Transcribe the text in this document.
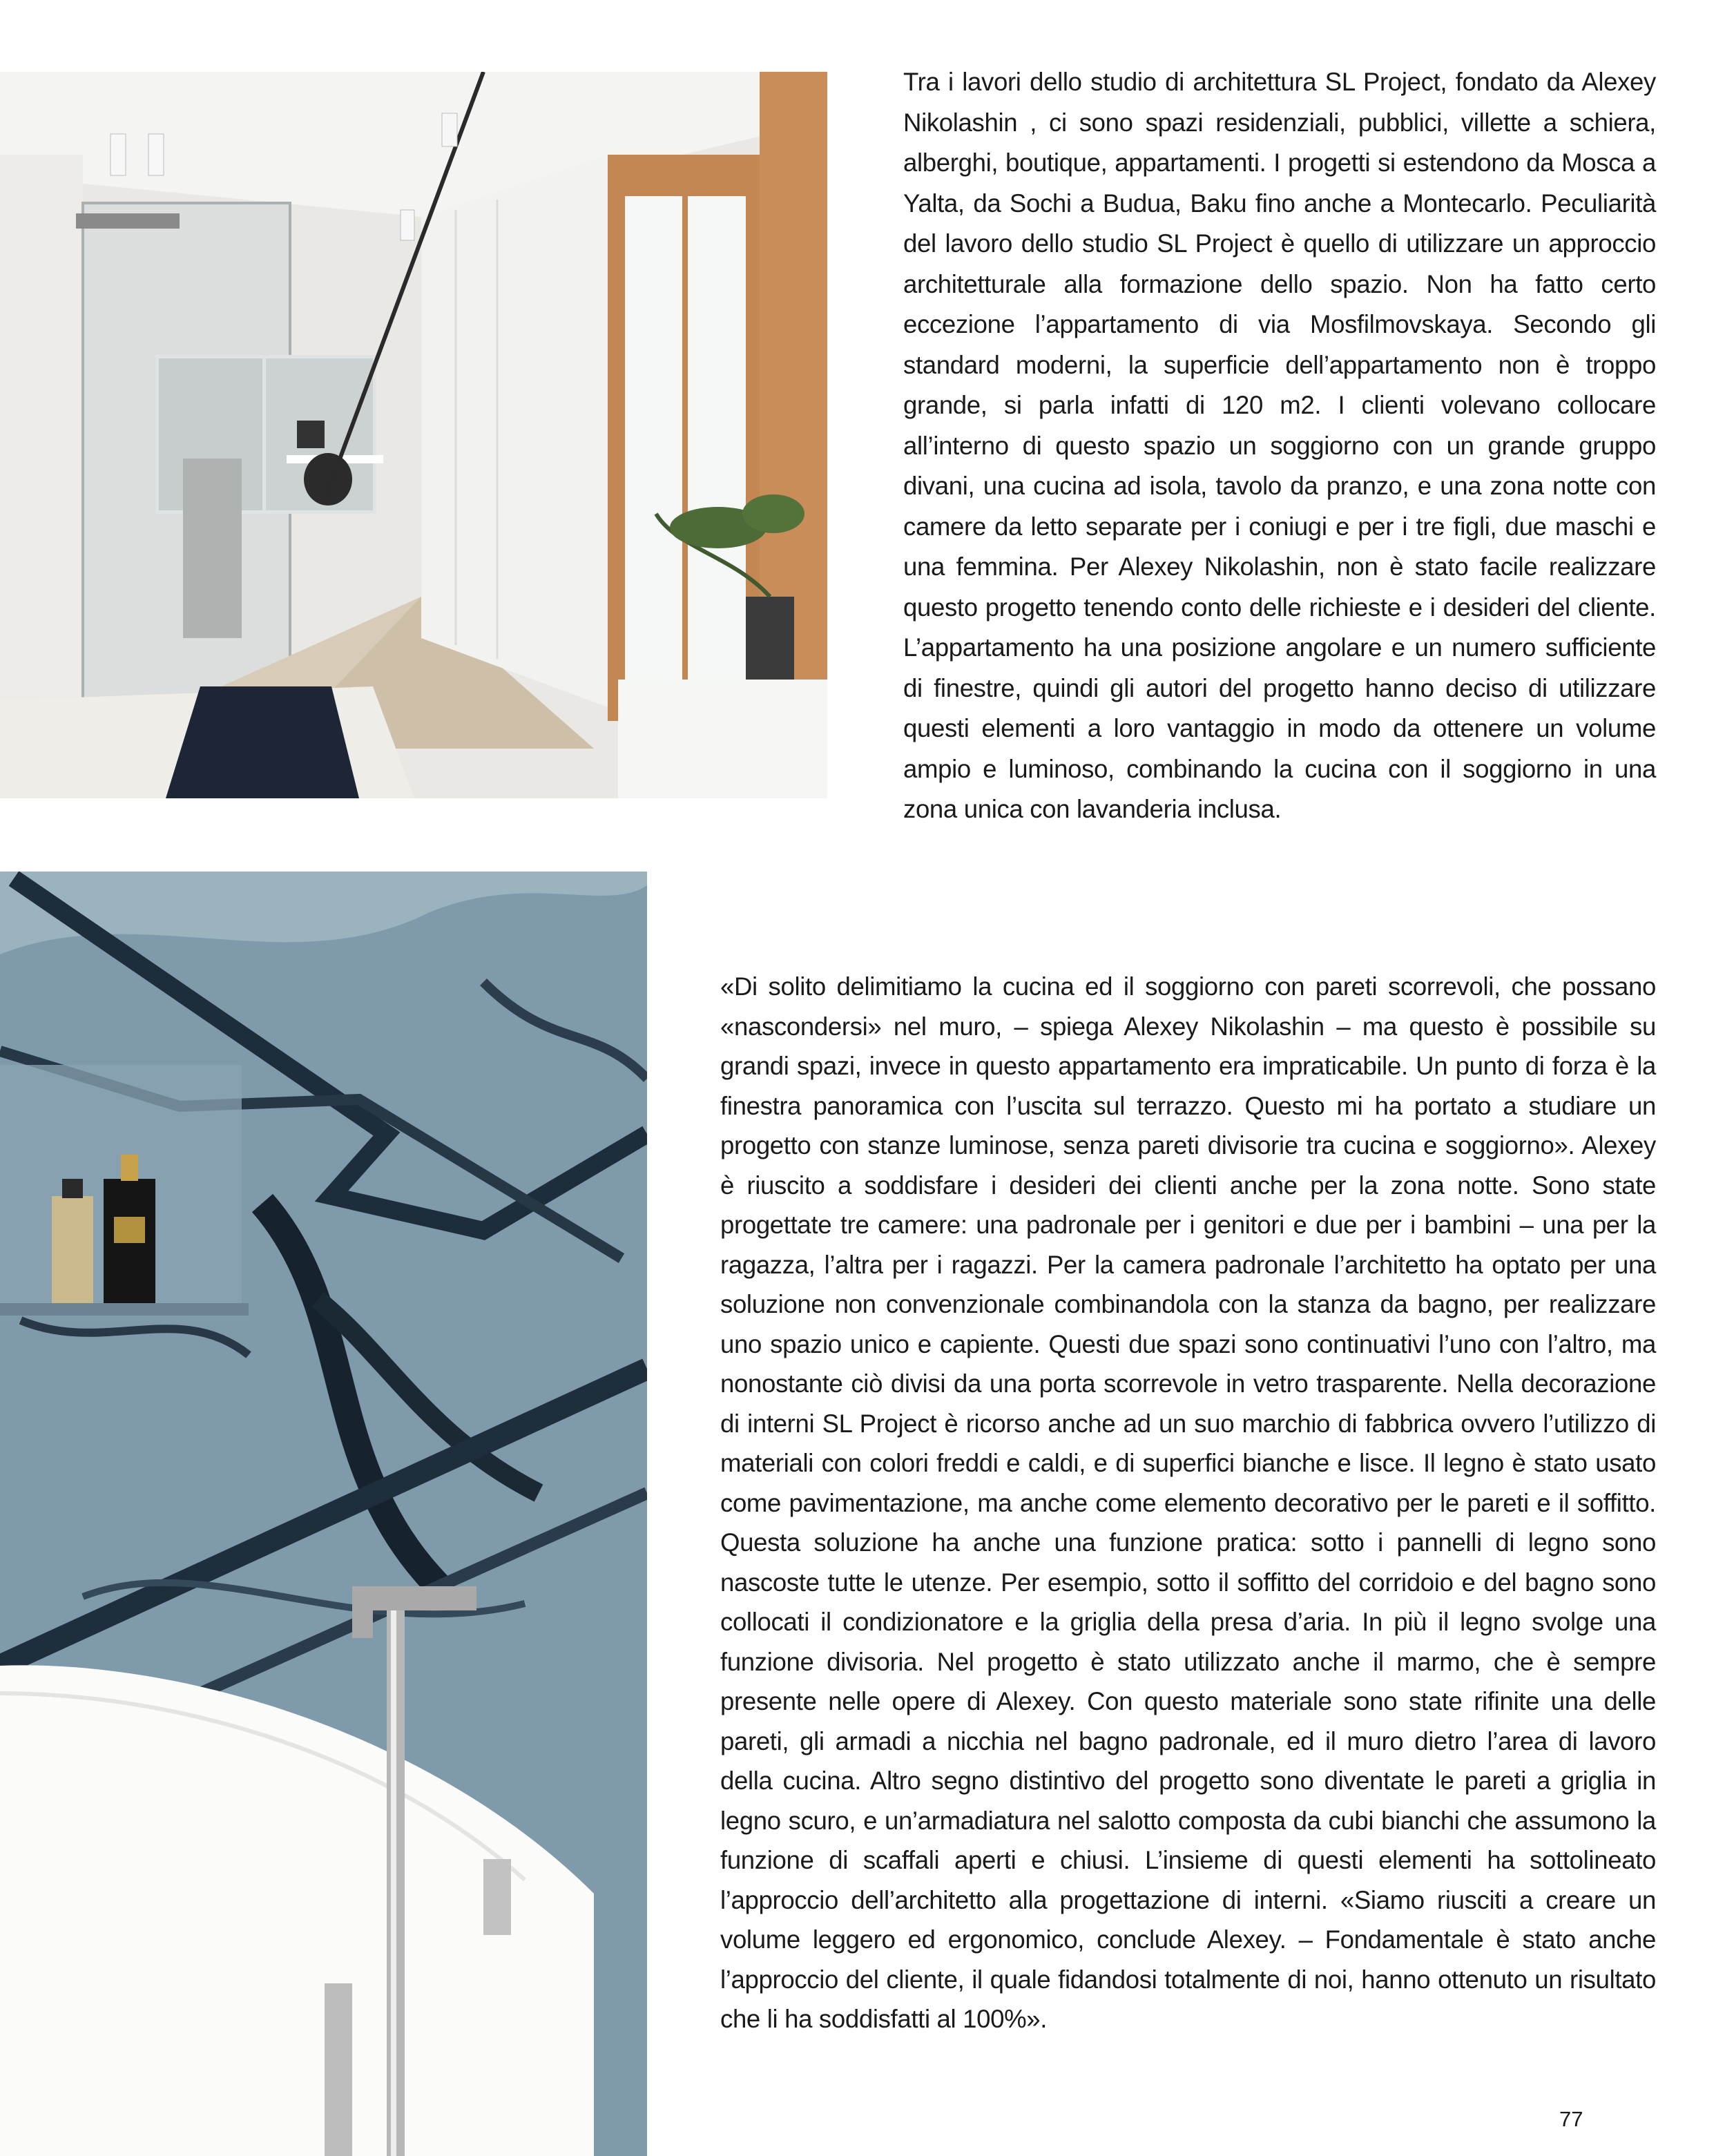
Tra i lavori dello studio di architettura SL Project, fondato da Alexey Nikolashin , ci sono spazi residenziali, pubblici, villette a schiera, alberghi, boutique, appartamenti. I progetti si estendono da Mosca a Yalta, da Sochi a Budua, Baku fino anche a Montecarlo. Peculiarità del lavoro dello studio SL Project è quello di utilizzare un approccio architetturale alla formazione dello spazio. Non ha fatto certo eccezione l’appartamento di via Mosfilmovskaya. Secondo gli standard moderni, la superficie dell’appartamento non è troppo grande, si parla infatti di 120 m2. I clienti volevano collocare all’interno di questo spazio un soggiorno con un grande gruppo divani, una cucina ad isola, tavolo da pranzo, e una zona notte con camere da letto separate per i coniugi e per i tre figli, due maschi e una femmina. Per Alexey Nikolashin, non è stato facile realizzare questo progetto tenendo conto delle richieste e i desideri del cliente. L’appartamento ha una posizione angolare e un numero sufficiente di finestre, quindi gli autori del progetto hanno deciso di utilizzare questi elementi a loro vantaggio in modo da ottenere un volume ampio e luminoso, combinando la cucina con il soggiorno in una zona unica con lavanderia inclusa.

«Di solito delimitiamo la cucina ed il soggiorno con pareti scorrevoli, che possano «nascondersi» nel muro, – spiega Alexey Nikolashin – ma questo è possibile su grandi spazi, invece in questo appartamento era impraticabile. Un punto di forza è la finestra panoramica con l’uscita sul terrazzo. Questo mi ha portato a studiare un progetto con stanze luminose, senza pareti divisorie tra cucina e soggiorno». Alexey è riuscito a soddisfare i desideri dei clienti anche per la zona notte. Sono state progettate tre camere: una padronale per i genitori e due per i bambini – una per la ragazza, l’altra per i ragazzi. Per la camera padronale l’architetto ha optato per una soluzione non convenzionale combinandola con la stanza da bagno, per realizzare uno spazio unico e capiente. Questi due spazi sono continuativi l’uno con l’altro, ma nonostante ciò divisi da una porta scorrevole in vetro trasparente. Nella decorazione di interni SL Project è ricorso anche ad un suo marchio di fabbrica ovvero l’utilizzo di materiali con colori freddi e caldi, e di superfici bianche e lisce. Il legno è stato usato come pavimentazione, ma anche come elemento decorativo per le pareti e il soffitto. Questa soluzione ha anche una funzione pratica: sotto i pannelli di legno sono nascoste tutte le utenze. Per esempio, sotto il soffitto del corridoio e del bagno sono collocati il condizionatore e la griglia della presa d’aria. In più il legno svolge una funzione divisoria. Nel progetto è stato utilizzato anche il marmo, che è sempre presente nelle opere di Alexey. Con questo materiale sono state rifinite una delle pareti, gli armadi a nicchia nel bagno padronale, ed il muro dietro l’area di lavoro della cucina. Altro segno distintivo del progetto sono diventate le pareti a griglia in legno scuro, e un’armadiatura nel salotto composta da cubi bianchi che assumono la funzione di scaffali aperti e chiusi. L’insieme di questi elementi ha sottolineato l’approccio dell’architetto alla progettazione di interni. «Siamo riusciti a creare un volume leggero ed ergonomico, conclude Alexey. – Fondamentale è stato anche l’approccio del cliente, il quale fidandosi totalmente di noi, hanno ottenuto un risultato che li ha soddisfatti al 100%».

77
